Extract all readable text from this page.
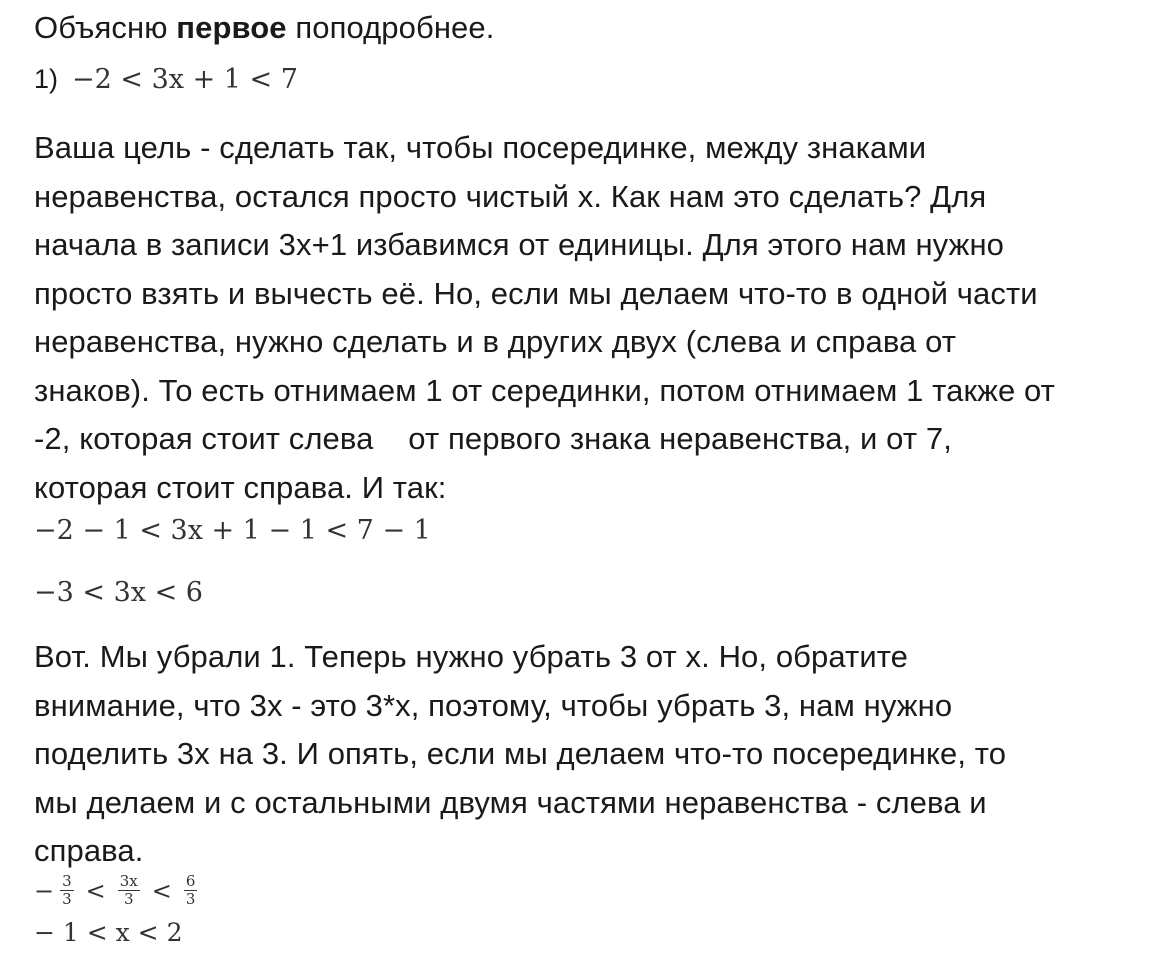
Объясню первое поподробнее.

1) −2 < 3x + 1 < 7

Ваша цель - сделать так, чтобы посерединке, между знаками
неравенства, остался просто чистый х. Как нам это сделать? Для
начала в записи 3х+1 избавимся от единицы. Для этого нам нужно
просто взять и вычесть её. Но, если мы делаем что-то в одной части
неравенства, нужно сделать и в других двух (слева и справа от
знаков). То есть отнимаем 1 от серединки, потом отнимаем 1 также от
-2, которая стоит слева    от первого знака неравенства, и от 7,
которая стоит справа. И так:

−2 − 1 < 3x + 1 − 1 < 7 − 1
−3 < 3x < 6

Вот. Мы убрали 1. Теперь нужно убрать 3 от х. Но, обратите
внимание, что 3х - это 3*х, поэтому, чтобы убрать 3, нам нужно
поделить 3х на 3. И опять, если мы делаем что-то посерединке, то
мы делаем и с остальными двумя частями неравенства - слева и
справа.

− $\frac{3}{3} < \frac{3x}{3} < \frac{6}{3}$
− 1 < x < 2
